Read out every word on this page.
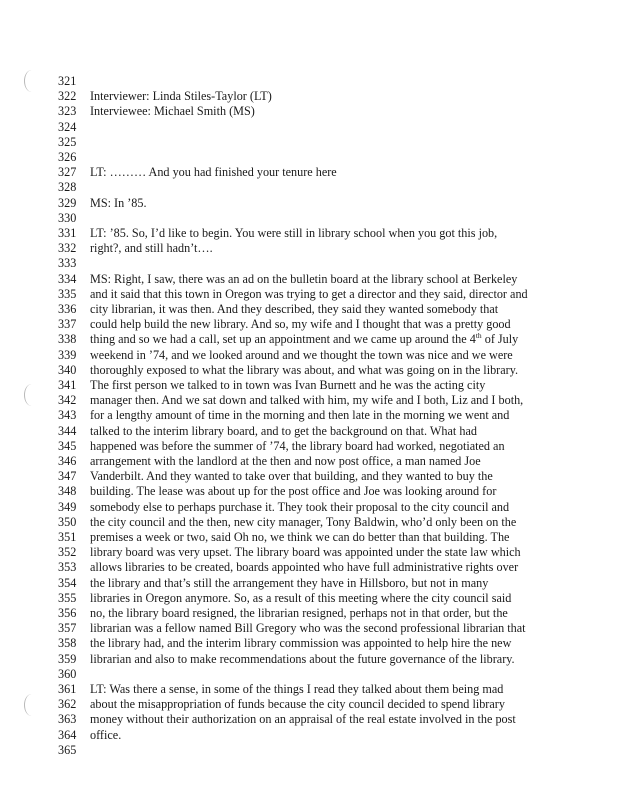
321
322 Interviewer: Linda Stiles-Taylor (LT)
323 Interviewee: Michael Smith (MS)
324
325
326
327 LT: ……… And you had finished your tenure here
328
329 MS: In ’85.
330
331 LT: ’85. So, I’d like to begin. You were still in library school when you got this job,
332 right?, and still hadn’t….
333
334 MS: Right, I saw, there was an ad on the bulletin board at the library school at Berkeley
335 and it said that this town in Oregon was trying to get a director and they said, director and
336 city librarian, it was then. And they described, they said they wanted somebody that
337 could help build the new library. And so, my wife and I thought that was a pretty good
338 thing and so we had a call, set up an appointment and we came up around the 4th of July
339 weekend in ’74, and we looked around and we thought the town was nice and we were
340 thoroughly exposed to what the library was about, and what was going on in the library.
341 The first person we talked to in town was Ivan Burnett and he was the acting city
342 manager then. And we sat down and talked with him, my wife and I both, Liz and I both,
343 for a lengthy amount of time in the morning and then late in the morning we went and
344 talked to the interim library board, and to get the background on that. What had
345 happened was before the summer of ’74, the library board had worked, negotiated an
346 arrangement with the landlord at the then and now post office, a man named Joe
347 Vanderbilt. And they wanted to take over that building, and they wanted to buy the
348 building. The lease was about up for the post office and Joe was looking around for
349 somebody else to perhaps purchase it. They took their proposal to the city council and
350 the city council and the then, new city manager, Tony Baldwin, who’d only been on the
351 premises a week or two, said Oh no, we think we can do better than that building. The
352 library board was very upset. The library board was appointed under the state law which
353 allows libraries to be created, boards appointed who have full administrative rights over
354 the library and that’s still the arrangement they have in Hillsboro, but not in many
355 libraries in Oregon anymore. So, as a result of this meeting where the city council said
356 no, the library board resigned, the librarian resigned, perhaps not in that order, but the
357 librarian was a fellow named Bill Gregory who was the second professional librarian that
358 the library had, and the interim library commission was appointed to help hire the new
359 librarian and also to make recommendations about the future governance of the library.
360
361 LT: Was there a sense, in some of the things I read they talked about them being mad
362 about the misappropriation of funds because the city council decided to spend library
363 money without their authorization on an appraisal of the real estate involved in the post
364 office.
365
